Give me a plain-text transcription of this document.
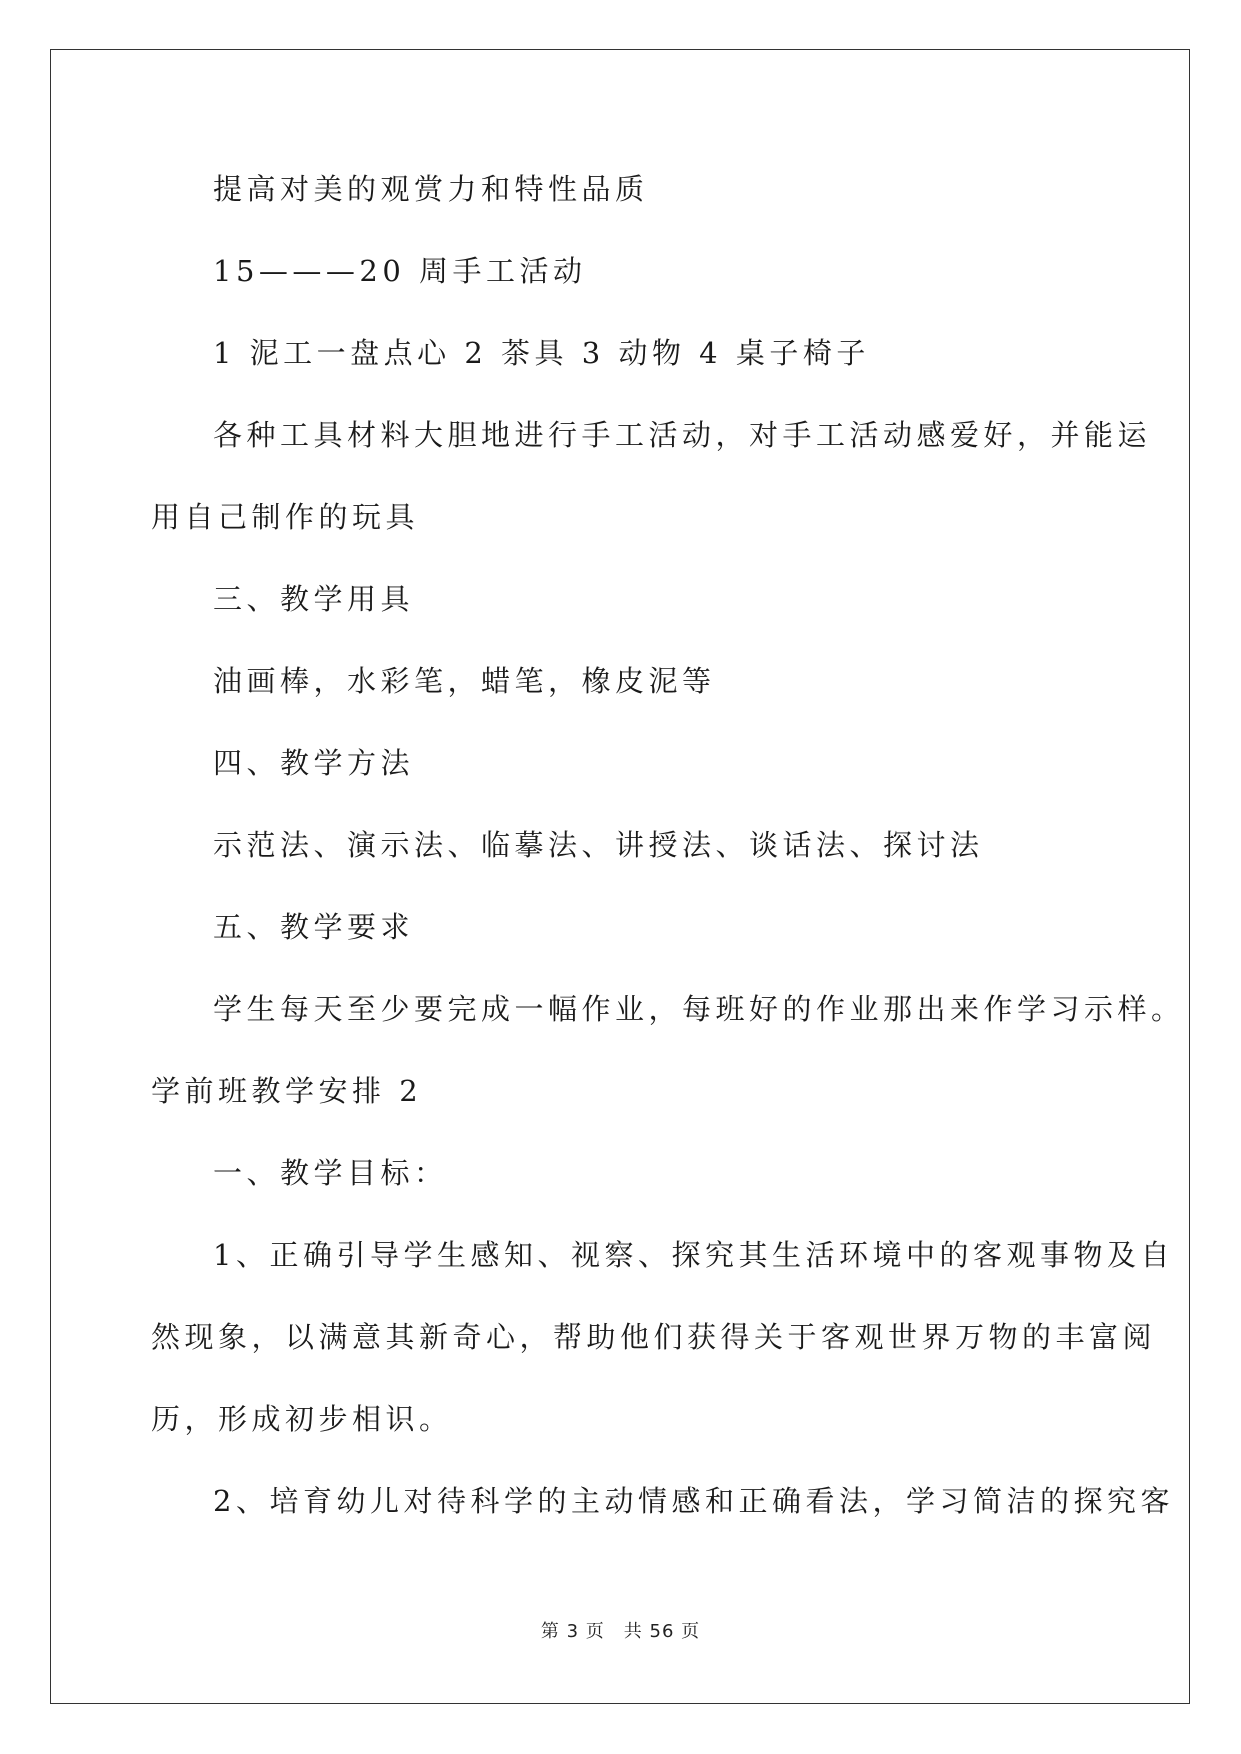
提高对美的观赏力和特性品质
15———20 周手工活动
1 泥工一盘点心 2 茶具 3 动物 4 桌子椅子
各种工具材料大胆地进行手工活动，对手工活动感爱好，并能运
用自己制作的玩具
三、教学用具
油画棒，水彩笔，蜡笔，橡皮泥等
四、教学方法
示范法、演示法、临摹法、讲授法、谈话法、探讨法
五、教学要求
学生每天至少要完成一幅作业，每班好的作业那出来作学习示样。
学前班教学安排 2
一、教学目标：
1、正确引导学生感知、视察、探究其生活环境中的客观事物及自
然现象，以满意其新奇心，帮助他们获得关于客观世界万物的丰富阅
历，形成初步相识。
2、培育幼儿对待科学的主动情感和正确看法，学习简洁的探究客
第 3 页　共 56 页
